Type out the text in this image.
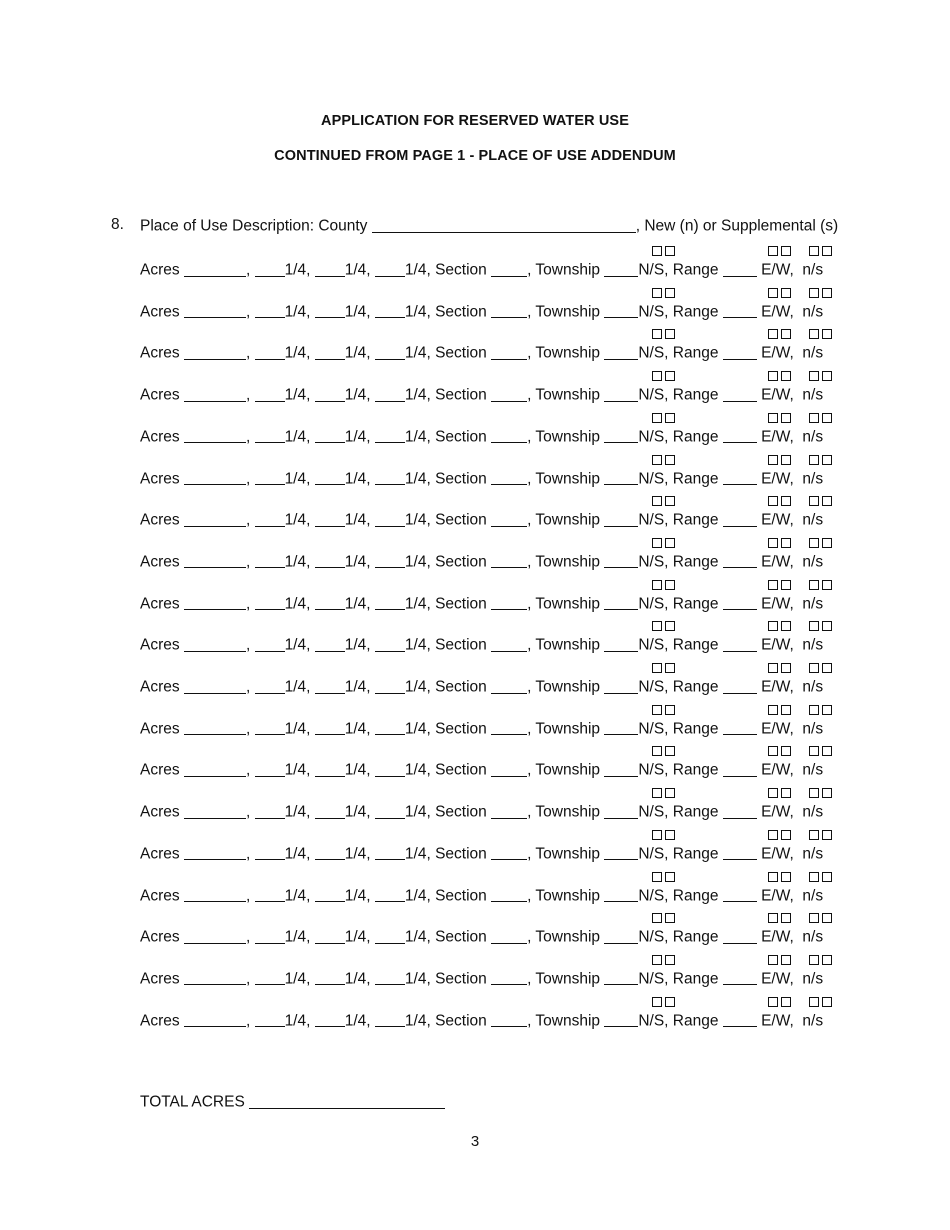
APPLICATION FOR RESERVED WATER USE
CONTINUED FROM PAGE 1 - PLACE OF USE ADDENDUM
8. Place of Use Description: County	, New (n) or Supplemental (s)
Acres	, 1/4, 1/4, 1/4, Section , Township N/S, Range  E/W,  n/s
Acres	, 1/4, 1/4, 1/4, Section , Township N/S, Range  E/W,  n/s
Acres	, 1/4, 1/4, 1/4, Section , Township N/S, Range  E/W,  n/s
Acres	, 1/4, 1/4, 1/4, Section , Township N/S, Range  E/W,  n/s
Acres	, 1/4, 1/4, 1/4, Section , Township N/S, Range  E/W,  n/s
Acres	, 1/4, 1/4, 1/4, Section , Township N/S, Range  E/W,  n/s
Acres	, 1/4, 1/4, 1/4, Section , Township N/S, Range  E/W,  n/s
Acres	, 1/4, 1/4, 1/4, Section , Township N/S, Range  E/W,  n/s
Acres	, 1/4, 1/4, 1/4, Section , Township N/S, Range  E/W,  n/s
Acres	, 1/4, 1/4, 1/4, Section , Township N/S, Range  E/W,  n/s
Acres	, 1/4, 1/4, 1/4, Section , Township N/S, Range  E/W,  n/s
Acres	, 1/4, 1/4, 1/4, Section , Township N/S, Range  E/W,  n/s
Acres	, 1/4, 1/4, 1/4, Section , Township N/S, Range  E/W,  n/s
Acres	, 1/4, 1/4, 1/4, Section , Township N/S, Range  E/W,  n/s
Acres	, 1/4, 1/4, 1/4, Section , Township N/S, Range  E/W,  n/s
Acres	, 1/4, 1/4, 1/4, Section , Township N/S, Range  E/W,  n/s
Acres	, 1/4, 1/4, 1/4, Section , Township N/S, Range  E/W,  n/s
Acres	, 1/4, 1/4, 1/4, Section , Township N/S, Range  E/W,  n/s
Acres	, 1/4, 1/4, 1/4, Section , Township N/S, Range  E/W,  n/s
TOTAL ACRES
3
